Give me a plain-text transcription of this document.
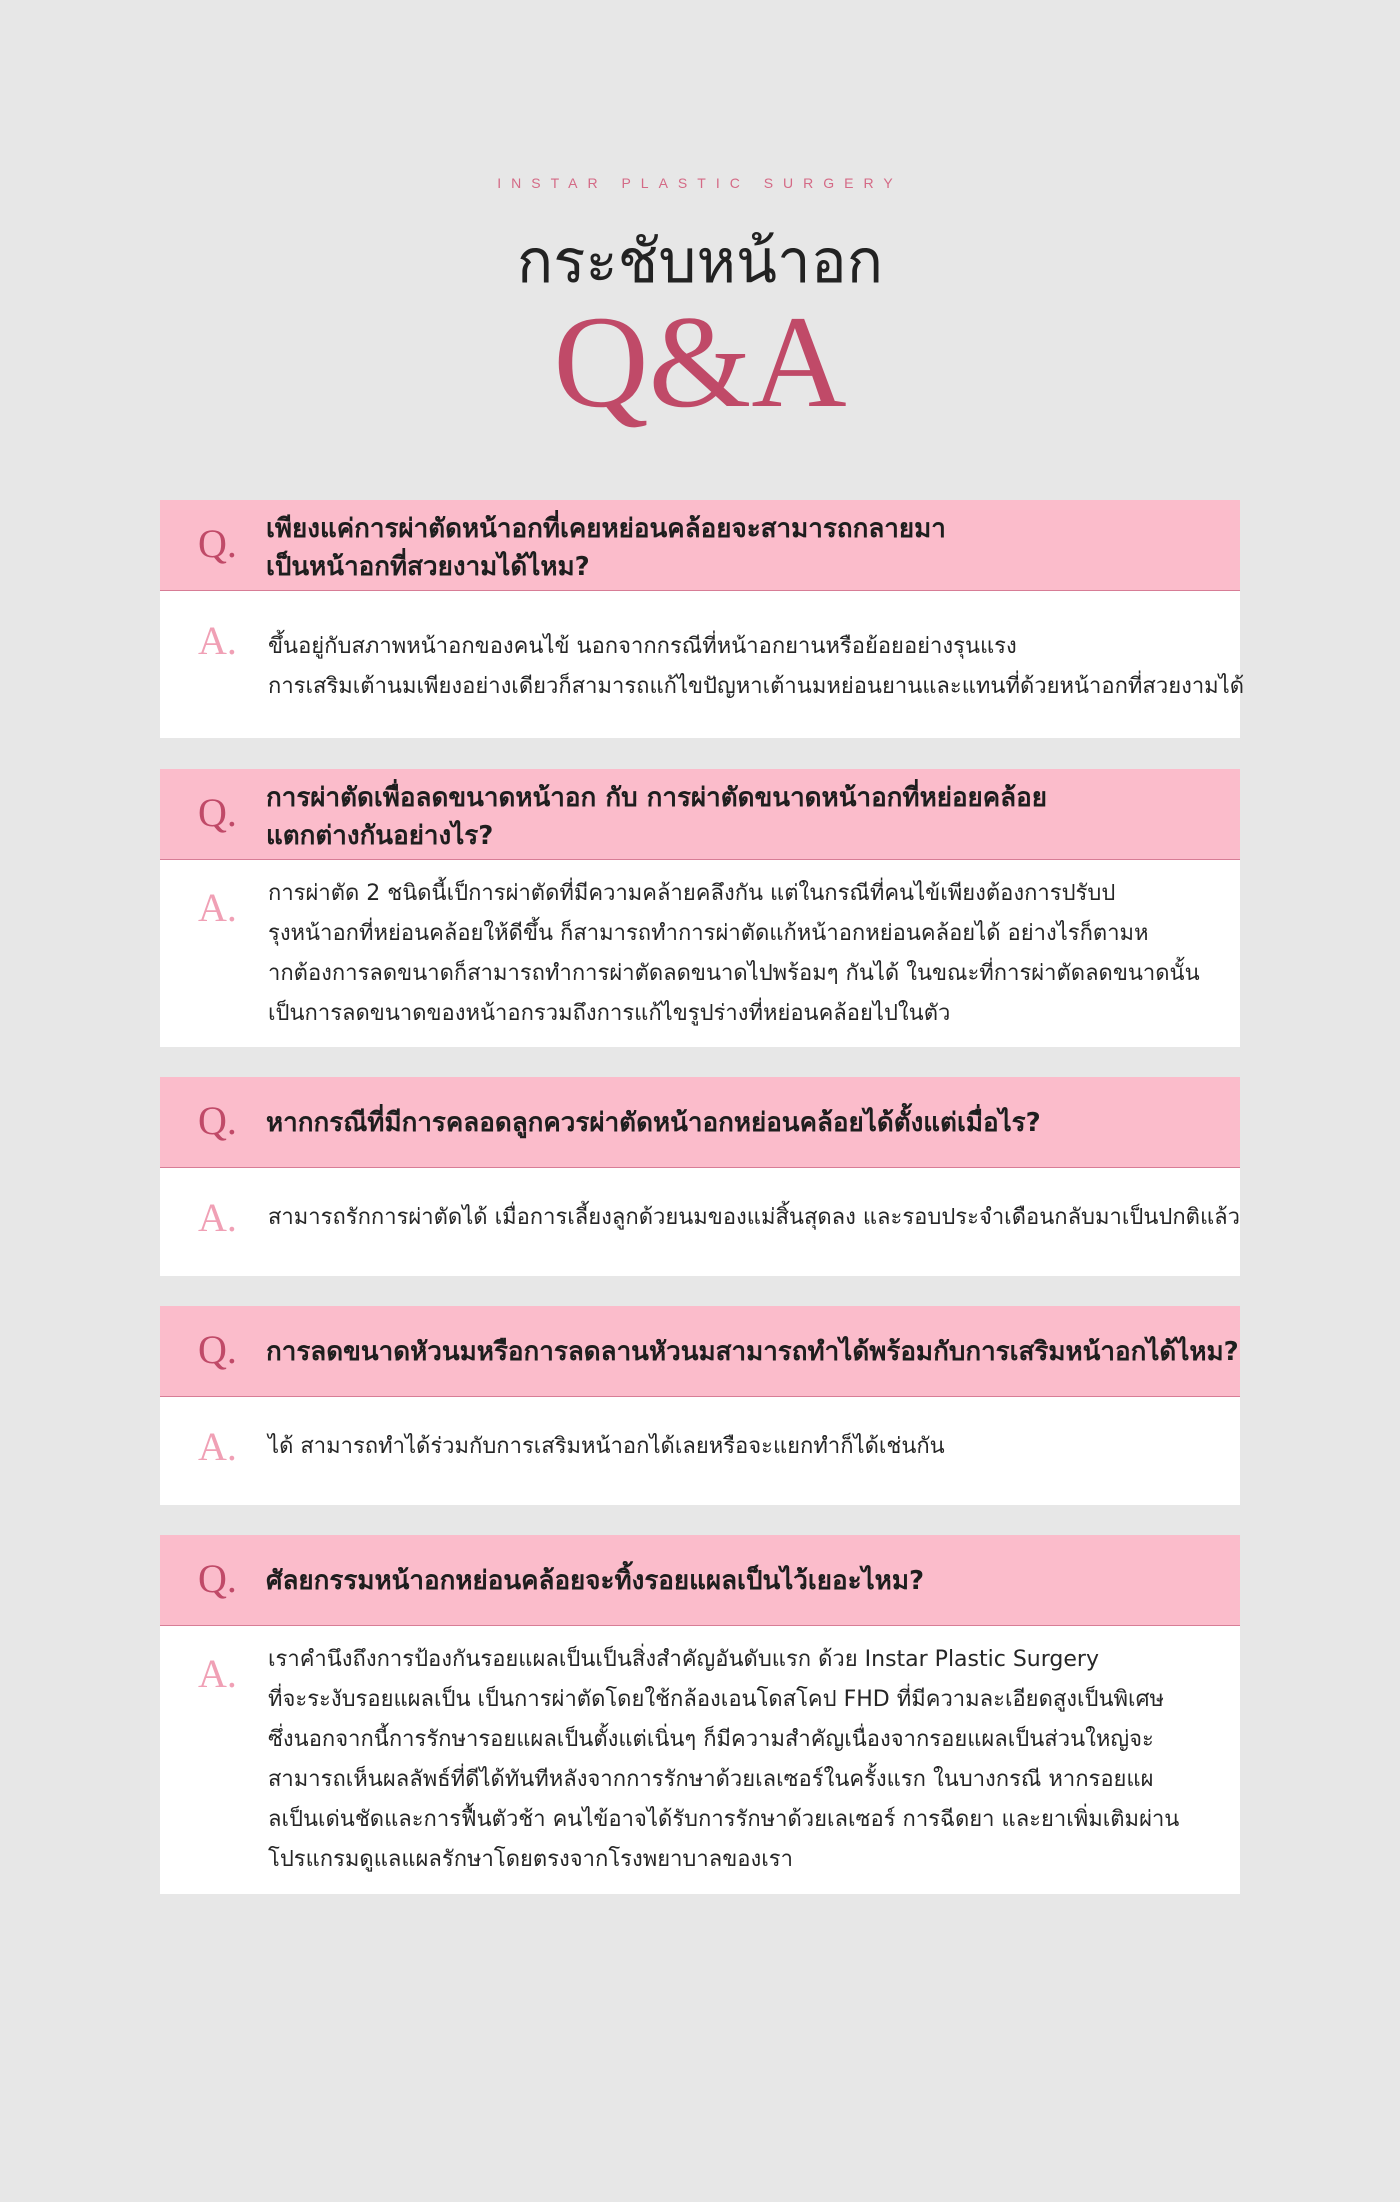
INSTAR PLASTIC SURGERY
กระชับหน้าอก
Q&A
Q. เพียงแค่การผ่าตัดหน้าอกที่เคยหย่อนคล้อยจะสามารถกลายมา
เป็นหน้าอกที่สวยงามได้ไหม?
A. ขึ้นอยู่กับสภาพหน้าอกของคนไข้ นอกจากกรณีที่หน้าอกยานหรือย้อยอย่างรุนแรง
การเสริมเต้านมเพียงอย่างเดียวก็สามารถแก้ไขปัญหาเต้านมหย่อนยานและแทนที่ด้วยหน้าอกที่สวยงามได้
Q. การผ่าตัดเพื่อลดขนาดหน้าอก กับ การผ่าตัดขนาดหน้าอกที่หย่อยคล้อย
แตกต่างกันอย่างไร?
A. การผ่าตัด 2 ชนิดนี้เป็การผ่าตัดที่มีความคล้ายคลึงกัน แต่ในกรณีที่คนไข้เพียงต้องการปรับป
รุงหน้าอกที่หย่อนคล้อยให้ดีขึ้น ก็สามารถทำการผ่าตัดแก้หน้าอกหย่อนคล้อยได้ อย่างไรก็ตามห
ากต้องการลดขนาดก็สามารถทำการผ่าตัดลดขนาดไปพร้อมๆ กันได้ ในขณะที่การผ่าตัดลดขนาดนั้น
เป็นการลดขนาดของหน้าอกรวมถึงการแก้ไขรูปร่างที่หย่อนคล้อยไปในตัว
Q. หากกรณีที่มีการคลอดลูกควรผ่าตัดหน้าอกหย่อนคล้อยได้ตั้งแต่เมื่อไร?
A. สามารถรักการผ่าตัดได้ เมื่อการเลี้ยงลูกด้วยนมของแม่สิ้นสุดลง และรอบประจำเดือนกลับมาเป็นปกติแล้ว
Q. การลดขนาดหัวนมหรือการลดลานหัวนมสามารถทำได้พร้อมกับการเสริมหน้าอกได้ไหม?
A. ได้ สามารถทำได้ร่วมกับการเสริมหน้าอกได้เลยหรือจะแยกทำก็ได้เช่นกัน
Q. ศัลยกรรมหน้าอกหย่อนคล้อยจะทิ้งรอยแผลเป็นไว้เยอะไหม?
A. เราคำนึงถึงการป้องกันรอยแผลเป็นเป็นสิ่งสำคัญอันดับแรก ด้วย Instar Plastic Surgery
ที่จะระงับรอยแผลเป็น เป็นการผ่าตัดโดยใช้กล้องเอนโดสโคป FHD ที่มีความละเอียดสูงเป็นพิเศษ
ซึ่งนอกจากนี้การรักษารอยแผลเป็นตั้งแต่เนิ่นๆ ก็มีความสำคัญเนื่องจากรอยแผลเป็นส่วนใหญ่จะ
สามารถเห็นผลลัพธ์ที่ดีได้ทันทีหลังจากการรักษาด้วยเลเซอร์ในครั้งแรก ในบางกรณี หากรอยแผ
ลเป็นเด่นชัดและการฟื้นตัวช้า คนไข้อาจได้รับการรักษาด้วยเลเซอร์ การฉีดยา และยาเพิ่มเติมผ่าน
โปรแกรมดูแลแผลรักษาโดยตรงจากโรงพยาบาลของเรา
